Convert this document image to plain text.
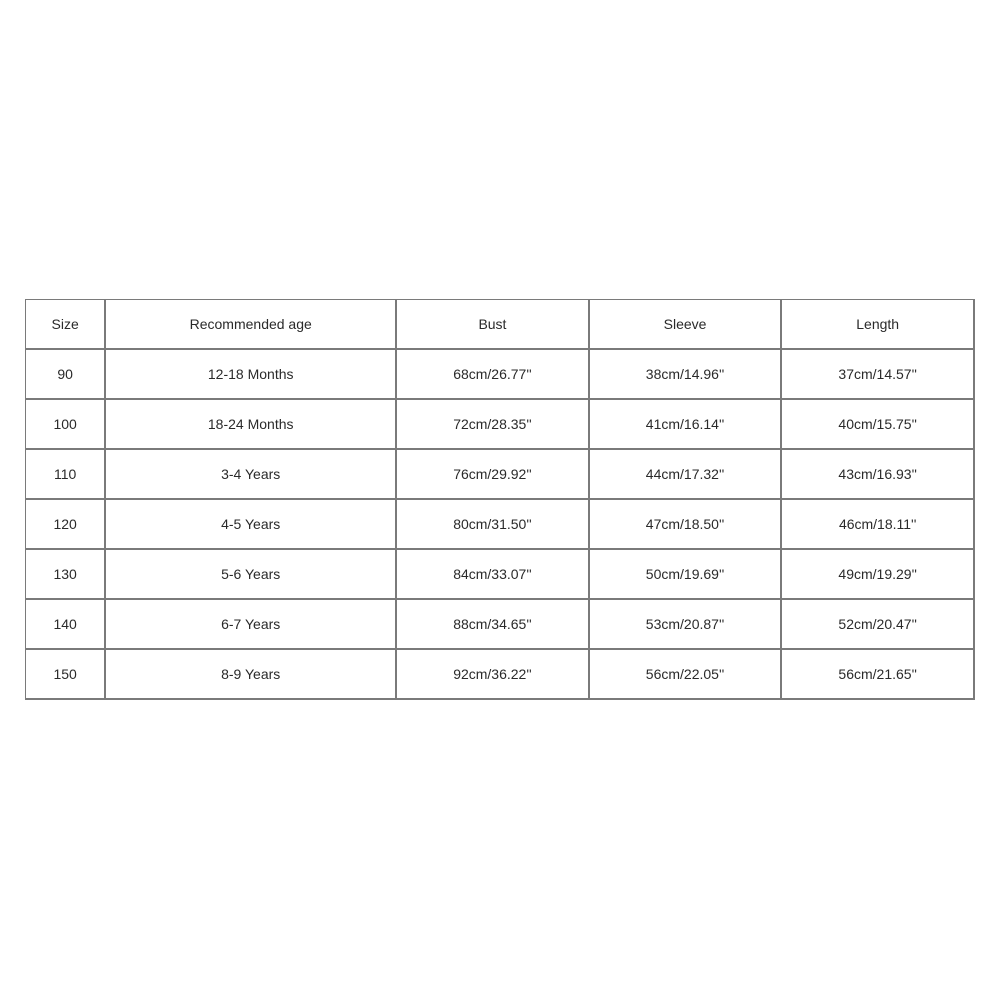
Size	Recommended age	Bust	Sleeve	Length
90	12-18 Months	68cm/26.77''	38cm/14.96''	37cm/14.57''
100	18-24 Months	72cm/28.35''	41cm/16.14''	40cm/15.75''
110	3-4 Years	76cm/29.92''	44cm/17.32''	43cm/16.93''
120	4-5 Years	80cm/31.50''	47cm/18.50''	46cm/18.11''
130	5-6 Years	84cm/33.07''	50cm/19.69''	49cm/19.29''
140	6-7 Years	88cm/34.65''	53cm/20.87''	52cm/20.47''
150	8-9 Years	92cm/36.22''	56cm/22.05''	56cm/21.65''
